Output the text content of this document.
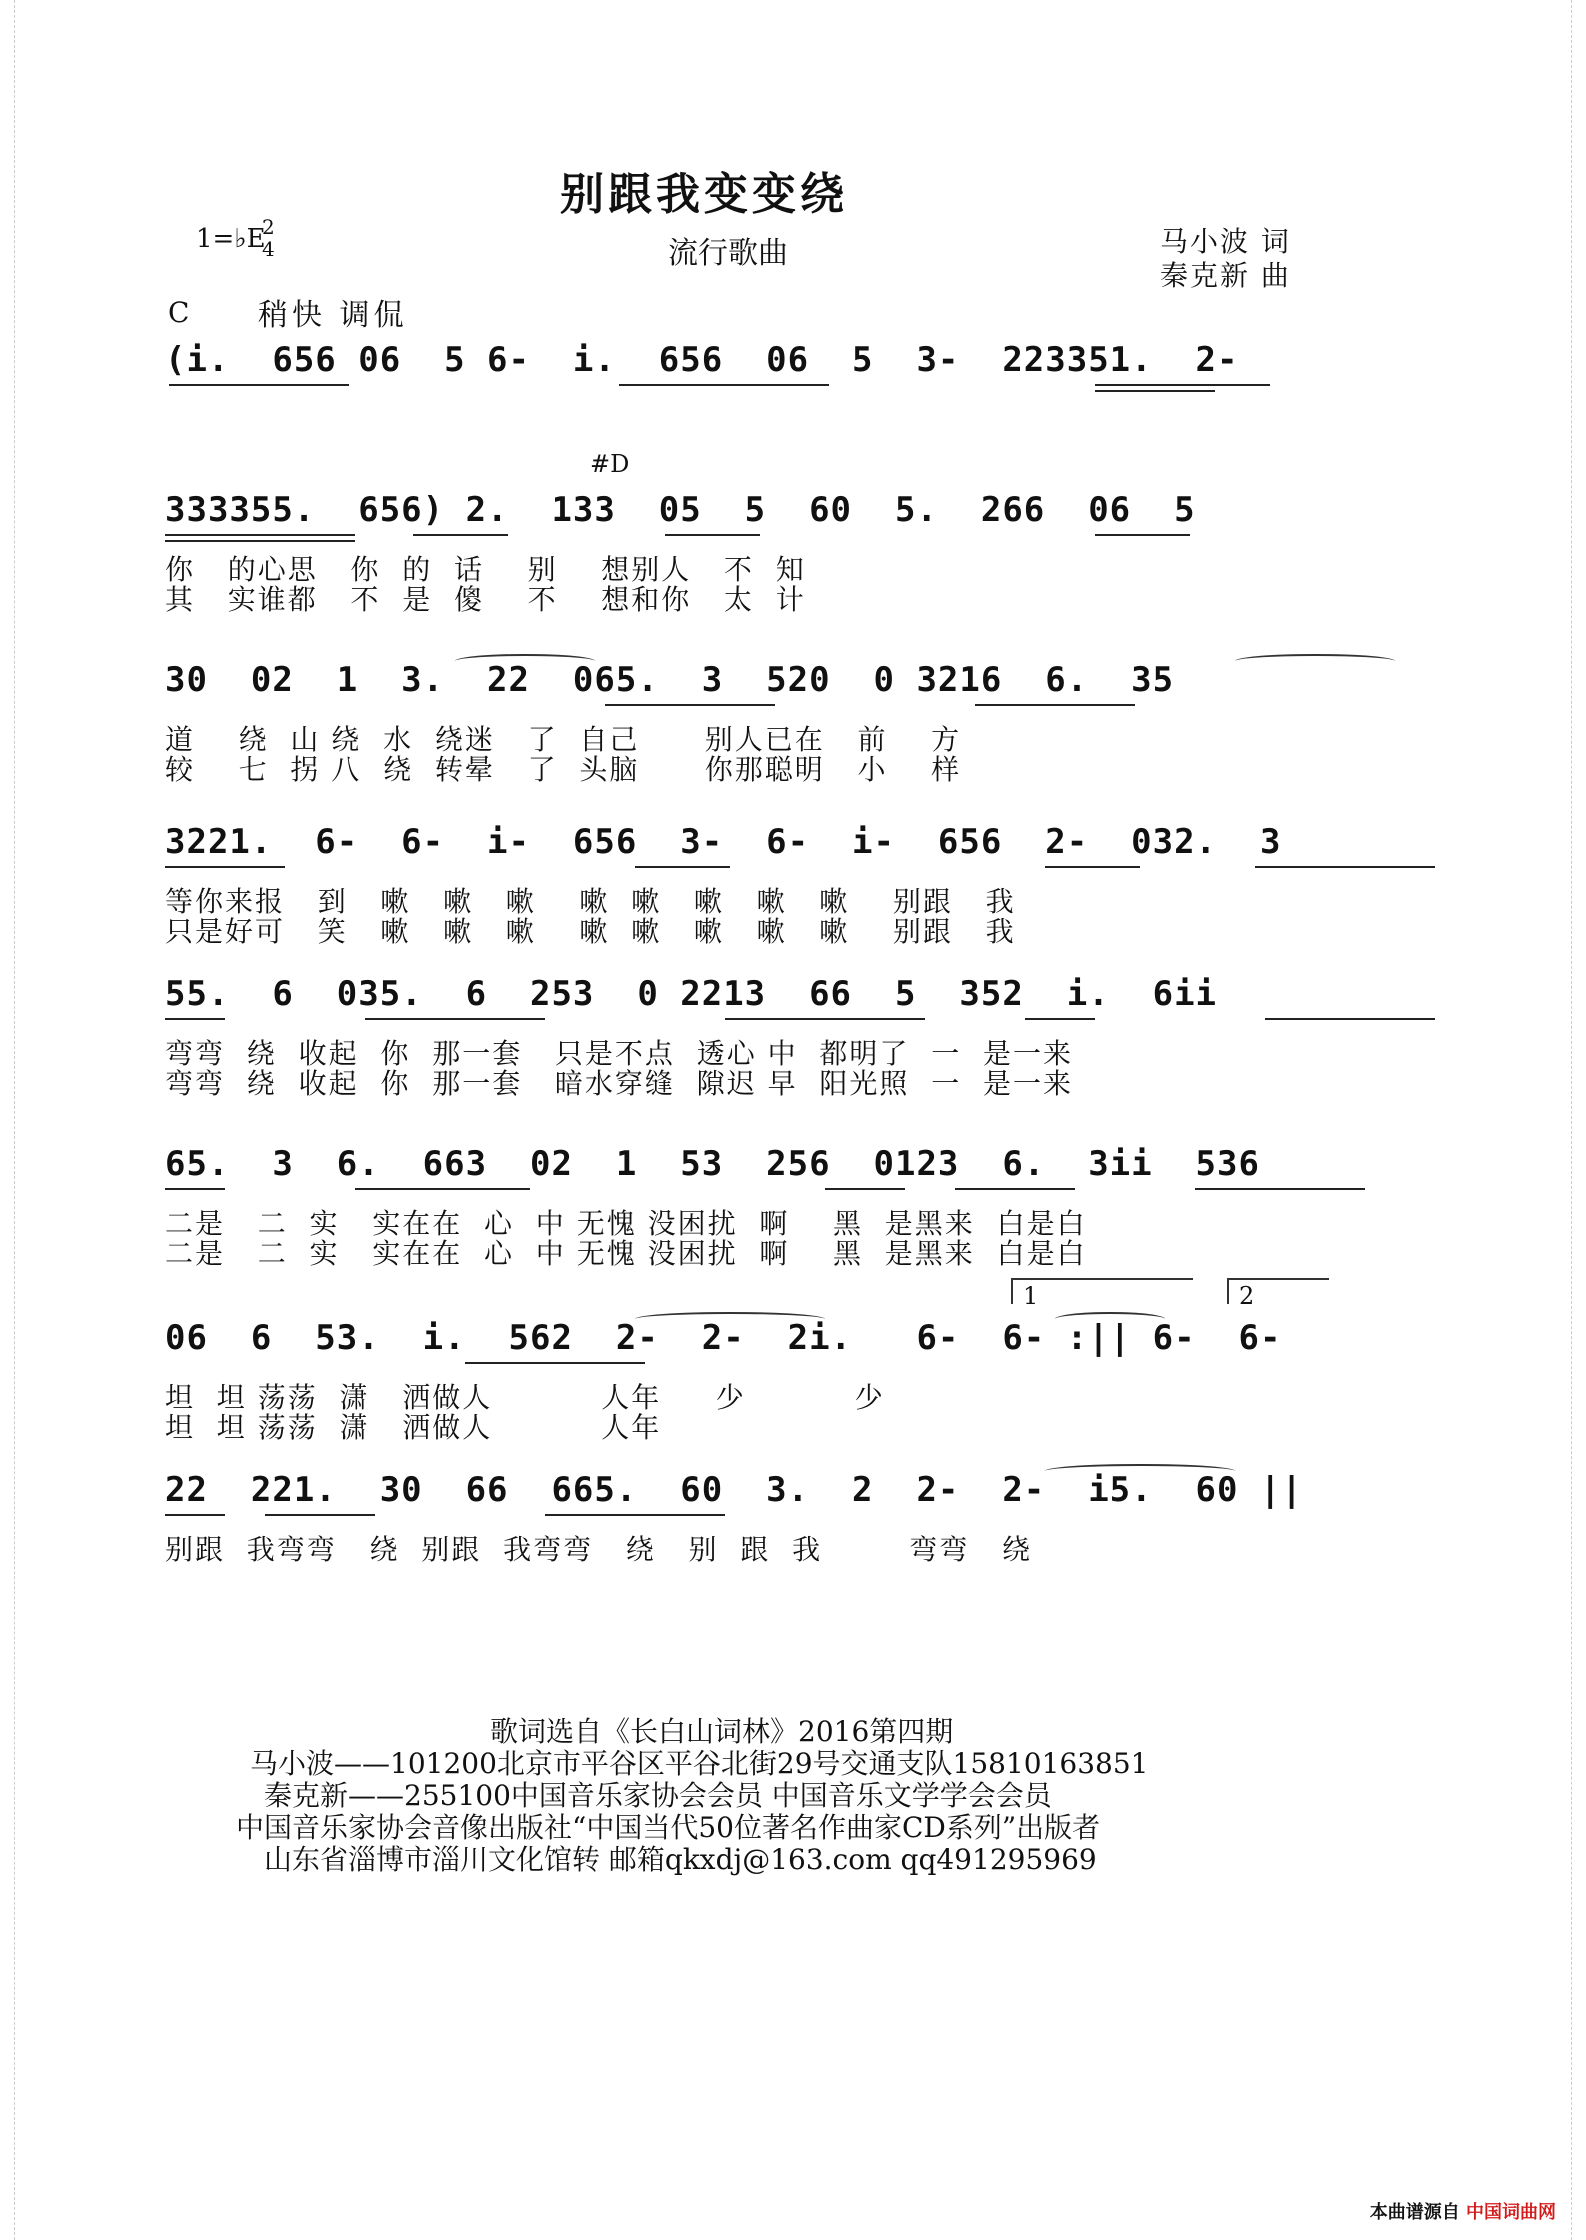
别跟我变变绕
1=♭E
2
4	流行歌曲	马小波 词
秦克新 曲
稍快 调侃
C
#D
(i.  656 06  5 6-  i.  656  06  5  3-  223351.  2-
333355.  656) 2.  133  05  5  60  5.  266  06  5
你   的心思   你  的  话    别    想别人   不  知
其   实谁都   不  是  傻    不    想和你   太  计
30  02  1  3.  22  065.  3  520  0 3216  6.  35
道    绕  山 绕  水  绕迷   了  自己      别人已在   前    方
较    七  拐 八  绕  转晕   了  头脑      你那聪明   小    样
3221.  6-  6-  i-  656  3-  6-  i-  656  2-  032.  3
等你来报   到   嗽   嗽   嗽    嗽  嗽   嗽   嗽   嗽    别跟   我
只是好可   笑   嗽   嗽   嗽    嗽  嗽   嗽   嗽   嗽    别跟   我
55.  6  035.  6  253  0 2213  66  5  352  i.  6ii
弯弯  绕  收起  你  那一套   只是不点  透心 中  都明了  一  是一来
弯弯  绕  收起  你  那一套   暗水穿缝  隙迟 早  阳光照  一  是一来
65.  3  6.  663  02  1  53  256  0123  6.  3ii  536
二是   二  实   实在在  心  中 无愧 没困扰  啊    黑  是黑来  白是白
二是   二  实   实在在  心  中 无愧 没困扰  啊    黑  是黑来  白是白
1	2
06  6  53.  i.  562  2-  2-  2i.   6-  6- :|| 6-  6-
坦  坦 荡荡  潇   洒做人          人年     少          少
坦  坦 荡荡  潇   洒做人          人年
22  221.  30  66  665.  60  3.  2  2-  2-  i5.  60 ||
别跟  我弯弯   绕  别跟  我弯弯   绕   别  跟  我        弯弯   绕
歌词选自《长白山词林》2016第四期
马小波——101200北京市平谷区平谷北街29号交通支队15810163851
秦克新——255100中国音乐家协会会员 中国音乐文学学会会员
中国音乐家协会音像出版社“中国当代50位著名作曲家CD系列”出版者
山东省淄博市淄川文化馆转 邮箱qkxdj@163.com qq491295969
本曲谱源自 中国词曲网
